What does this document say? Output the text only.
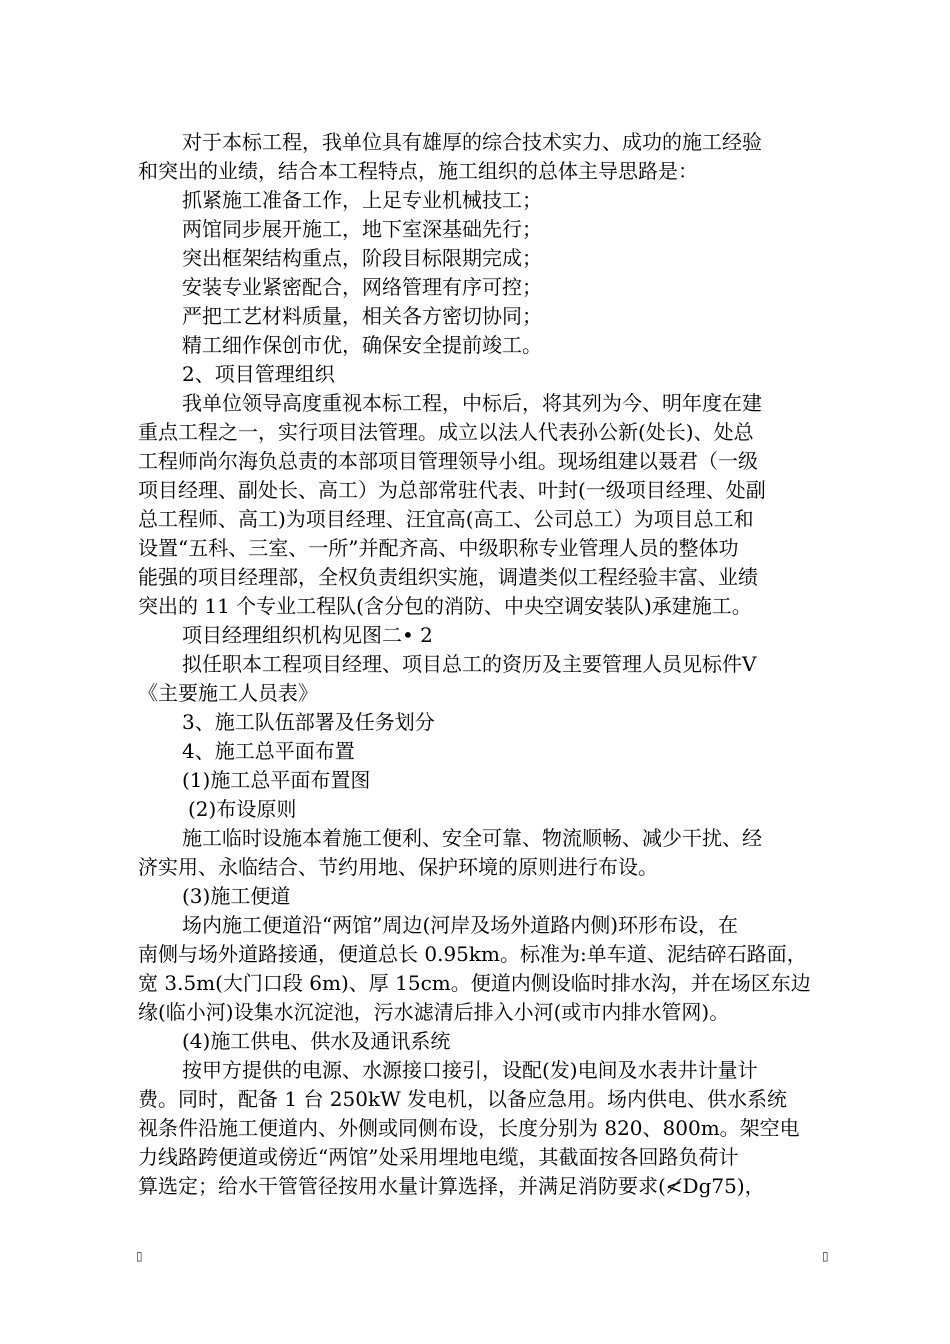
对于本标工程，我单位具有雄厚的综合技术实力、成功的施工经验
和突出的业绩，结合本工程特点，施工组织的总体主导思路是：
抓紧施工准备工作，上足专业机械技工；
两馆同步展开施工，地下室深基础先行；
突出框架结构重点，阶段目标限期完成；
安装专业紧密配合，网络管理有序可控；
严把工艺材料质量，相关各方密切协同；
精工细作保创市优，确保安全提前竣工。
2、项目管理组织
我单位领导高度重视本标工程，中标后，将其列为今、明年度在建
重点工程之一，实行项目法管理。成立以法人代表孙公新(处长)、处总
工程师尚尔海负总责的本部项目管理领导小组。现场组建以聂君（一级
项目经理、副处长、高工）为总部常驻代表、叶封(一级项目经理、处副
总工程师、高工)为项目经理、汪宜高(高工、公司总工）为项目总工和
设置“五科、三室、一所”并配齐高、中级职称专业管理人员的整体功
能强的项目经理部，全权负责组织实施，调遣类似工程经验丰富、业绩
突出的 11 个专业工程队(含分包的消防、中央空调安装队)承建施工。
项目经理组织机构见图二• 2
拟任职本工程项目经理、项目总工的资历及主要管理人员见标件Ⅴ
《主要施工人员表》
3、施工队伍部署及任务划分
4、施工总平面布置
(1)施工总平面布置图
(2)布设原则
施工临时设施本着施工便利、安全可靠、物流顺畅、减少干扰、经
济实用、永临结合、节约用地、保护环境的原则进行布设。
(3)施工便道
场内施工便道沿“两馆”周边(河岸及场外道路内侧)环形布设，在
南侧与场外道路接通，便道总长 0.95km。标准为:单车道、泥结碎石路面，
宽 3.5m(大门口段 6m)、厚 15cm。便道内侧设临时排水沟，并在场区东边
缘(临小河)设集水沉淀池，污水滤清后排入小河(或市内排水管网)。
(4)施工供电、供水及通讯系统
按甲方提供的电源、水源接口接引，设配(发)电间及水表井计量计
费。同时，配备 1 台 250kW 发电机，以备应急用。场内供电、供水系统
视条件沿施工便道内、外侧或同侧布设，长度分别为 820、800m。架空电
力线路跨便道或傍近“两馆”处采用埋地电缆，其截面按各回路负荷计
算选定；给水干管管径按用水量计算选择，并满足消防要求(≮Dg75)，
▯	▯
